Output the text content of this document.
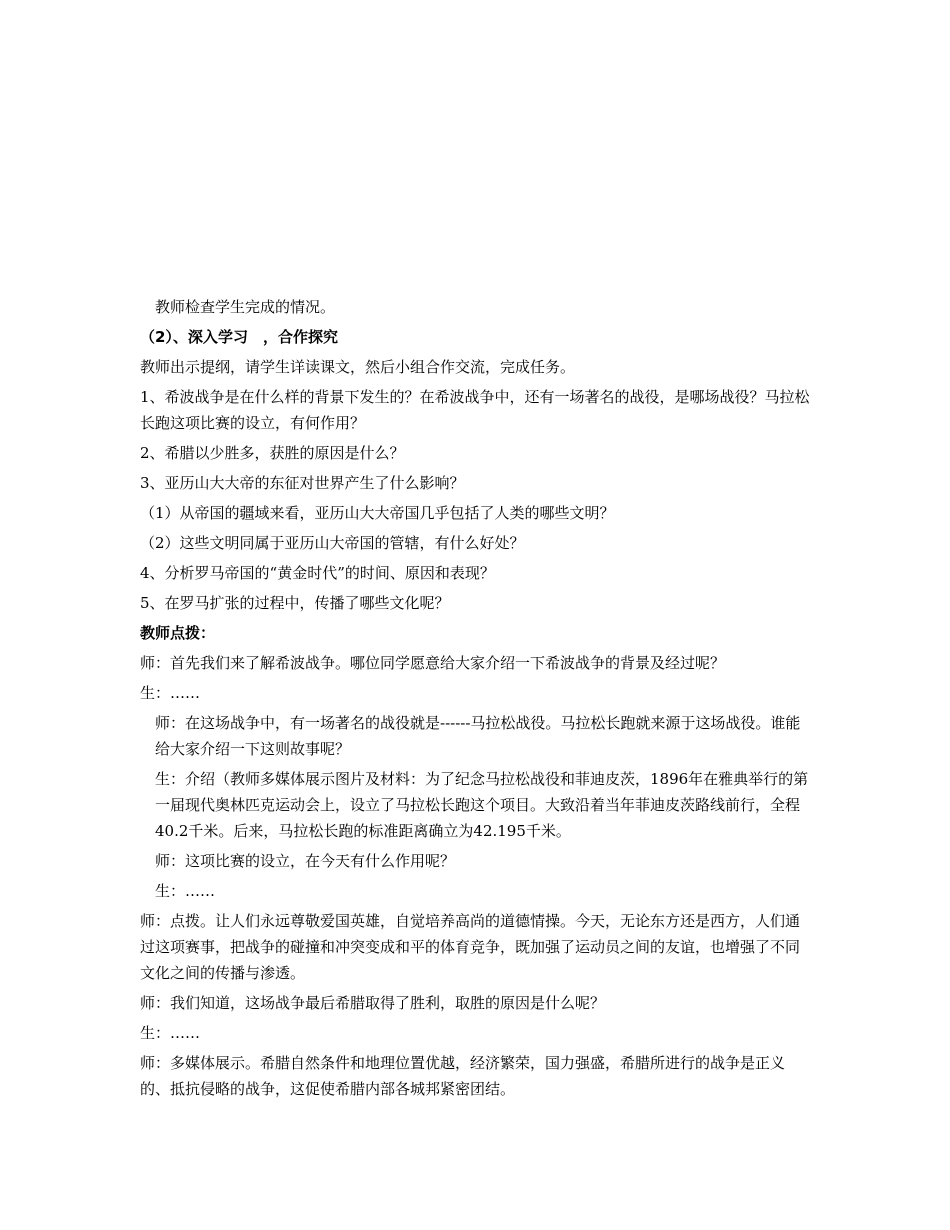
教师检查学生完成的情况。

（2）、深入学习　，合作探究

教师出示提纲，请学生详读课文，然后小组合作交流，完成任务。

1、希波战争是在什么样的背景下发生的？在希波战争中，还有一场著名的战役，是哪场战役？马拉松长跑这项比赛的设立，有何作用？

2、希腊以少胜多，获胜的原因是什么？

3、亚历山大大帝的东征对世界产生了什么影响？

（1）从帝国的疆域来看，亚历山大大帝国几乎包括了人类的哪些文明？

（2）这些文明同属于亚历山大帝国的管辖，有什么好处？

4、分析罗马帝国的“黄金时代”的时间、原因和表现？

5、在罗马扩张的过程中，传播了哪些文化呢？

教师点拨：

师：首先我们来了解希波战争。哪位同学愿意给大家介绍一下希波战争的背景及经过呢？

生：……

师：在这场战争中，有一场著名的战役就是------马拉松战役。马拉松长跑就来源于这场战役。谁能给大家介绍一下这则故事呢？

生：介绍（教师多媒体展示图片及材料：为了纪念马拉松战役和菲迪皮茨，1896年在雅典举行的第一届现代奥林匹克运动会上，设立了马拉松长跑这个项目。大致沿着当年菲迪皮茨路线前行，全程40.2千米。后来，马拉松长跑的标准距离确立为42.195千米。

师：这项比赛的设立，在今天有什么作用呢？

生：……

师：点拨。让人们永远尊敬爱国英雄，自觉培养高尚的道德情操。今天，无论东方还是西方，人们通过这项赛事，把战争的碰撞和冲突变成和平的体育竞争，既加强了运动员之间的友谊，也增强了不同文化之间的传播与渗透。

师：我们知道，这场战争最后希腊取得了胜利，取胜的原因是什么呢？

生：……

师：多媒体展示。希腊自然条件和地理位置优越，经济繁荣，国力强盛，希腊所进行的战争是正义的、抵抗侵略的战争，这促使希腊内部各城邦紧密团结。
